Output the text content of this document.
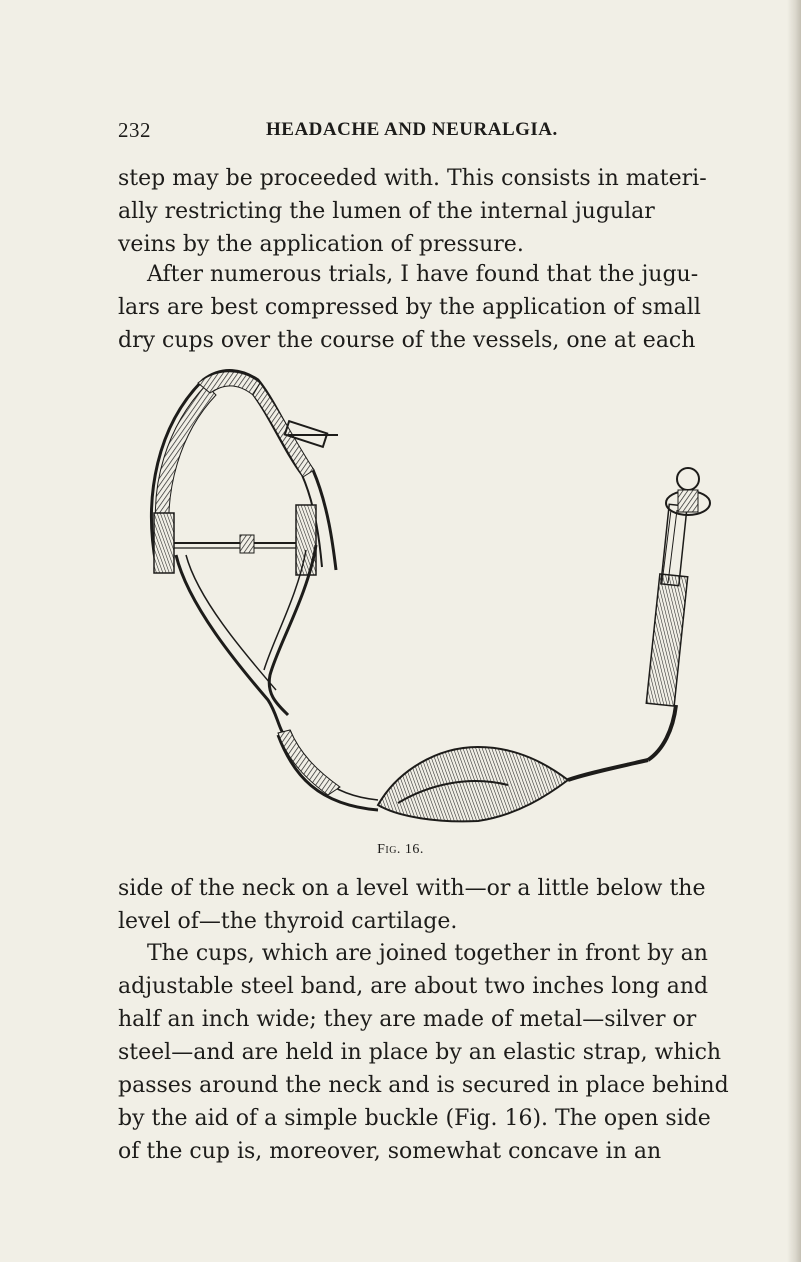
232	HEADACHE AND NEURALGIA.

step may be proceeded with. This consists in materi-
ally restricting the lumen of the internal jugular
veins by the application of pressure.

After numerous trials, I have found that the jugu-
lars are best compressed by the application of small
dry cups over the course of the vessels, one at each

Fig. 16.

side of the neck on a level with—or a little below the
level of—the thyroid cartilage.

The cups, which are joined together in front by an
adjustable steel band, are about two inches long and
half an inch wide; they are made of metal—silver or
steel—and are held in place by an elastic strap, which
passes around the neck and is secured in place behind
by the aid of a simple buckle (Fig. 16). The open side
of the cup is, moreover, somewhat concave in an
